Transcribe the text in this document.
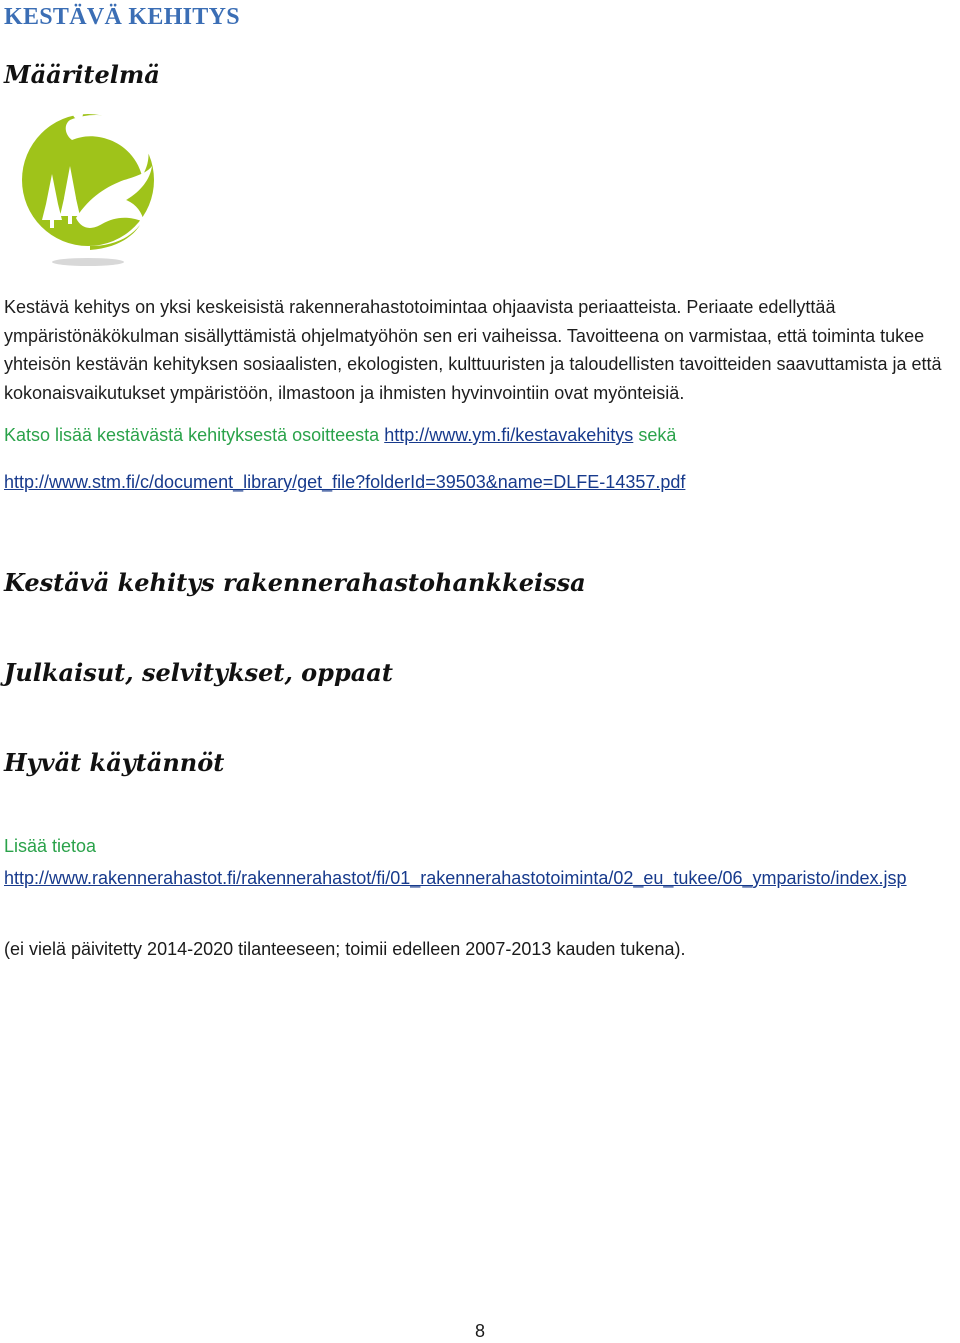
KESTÄVÄ KEHITYS
Määritelmä

Kestävä kehitys on yksi keskeisistä rakennerahastotoimintaa ohjaavista periaatteista. Periaate edellyttää ympäristönäkökulman sisällyttämistä ohjelmatyöhön sen eri vaiheissa. Tavoitteena on varmistaa, että toiminta tukee yhteisön kestävän kehityksen sosiaalisten, ekologisten, kulttuuristen ja taloudellisten tavoitteiden saavuttamista ja että kokonaisvaikutukset ympäristöön, ilmastoon ja ihmisten hyvinvointiin ovat myönteisiä.

Katso lisää kestävästä kehityksestä osoitteesta http://www.ym.fi/kestavakehitys sekä
http://www.stm.fi/c/document_library/get_file?folderId=39503&name=DLFE-14357.pdf
Kestävä kehitys rakennerahastohankkeissa
Julkaisut, selvitykset, oppaat
Hyvät käytännöt
Lisää tietoa
http://www.rakennerahastot.fi/rakennerahastot/fi/01_rakennerahastotoiminta/02_eu_tukee/06_ymparisto/index.jsp
(ei vielä päivitetty 2014-2020 tilanteeseen; toimii edelleen 2007-2013 kauden tukena).
8
